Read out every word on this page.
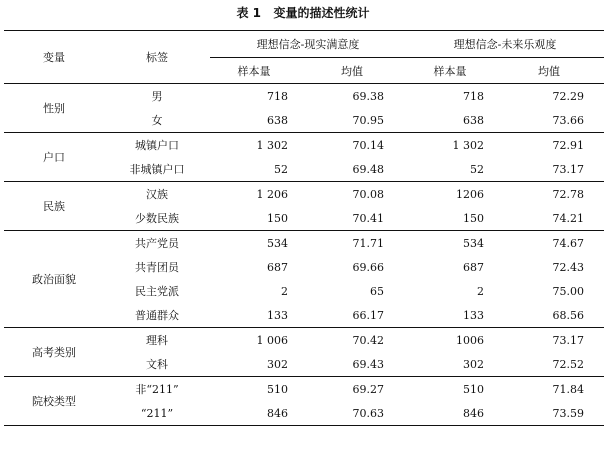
表 1   变量的描述性统计
变量	标签	理想信念-现实满意度		理想信念-未来乐观度	
		样本量	均值	样本量	均值
性别	男	718	69.38	718	72.29
	女	638	70.95	638	73.66
户口	城镇户口	1 302	70.14	1 302	72.91
	非城镇户口	52	69.48	52	73.17
民族	汉族	1 206	70.08	1206	72.78
	少数民族	150	70.41	150	74.21
政治面貌	共产党员	534	71.71	534	74.67
	共青团员	687	69.66	687	72.43
	民主党派	2	65	2	75.00
	普通群众	133	66.17	133	68.56
高考类别	理科	1 006	70.42	1006	73.17
	文科	302	69.43	302	72.52
院校类型	非“211”	510	69.27	510	71.84
	“211”	846	70.63	846	73.59
